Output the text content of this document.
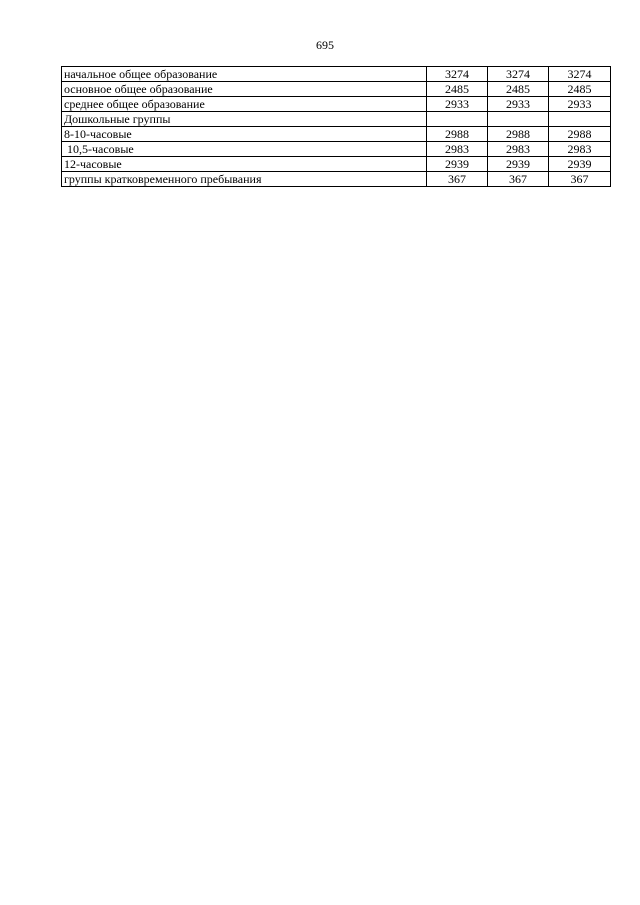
695
начальное общее образование	3274	3274	3274
основное общее образование	2485	2485	2485
среднее общее образование	2933	2933	2933
Дошкольные группы			
8-10-часовые	2988	2988	2988
10,5-часовые	2983	2983	2983
12-часовые	2939	2939	2939
группы кратковременного пребывания	367	367	367
